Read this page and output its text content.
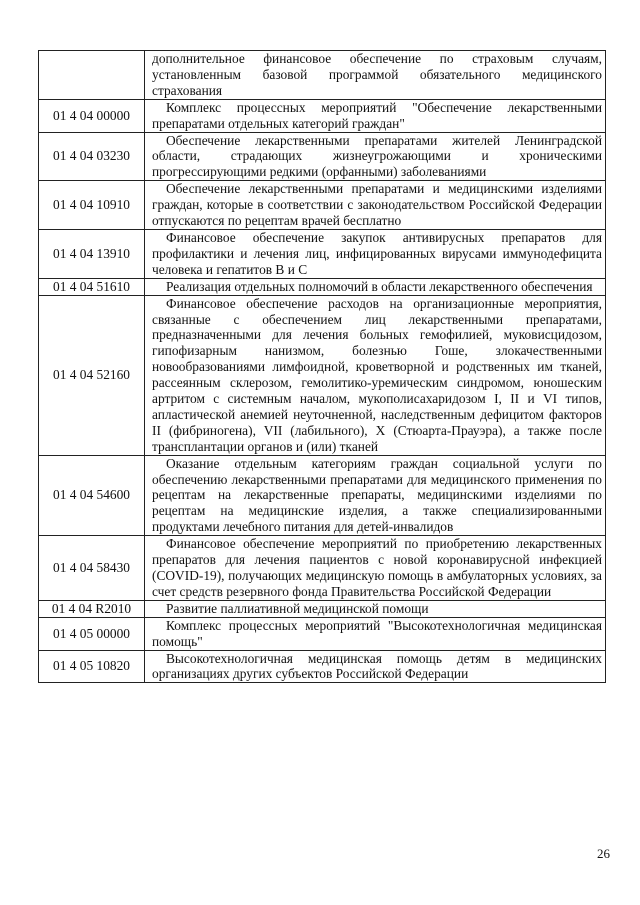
	дополнительное финансовое обеспечение по страховым случаям, установленным базовой программой обязательного медицинского страхования
01 4 04 00000	Комплекс процессных мероприятий "Обеспечение лекарственными препаратами отдельных категорий граждан"
01 4 04 03230	Обеспечение лекарственными препаратами жителей Ленинградской области, страдающих жизнеугрожающими и хроническими прогрессирующими редкими (орфанными) заболеваниями
01 4 04 10910	Обеспечение лекарственными препаратами и медицинскими изделиями граждан, которые в соответствии с законодательством Российской Федерации отпускаются по рецептам врачей бесплатно
01 4 04 13910	Финансовое обеспечение закупок антивирусных препаратов для профилактики и лечения лиц, инфицированных вирусами иммунодефицита человека и гепатитов В и С
01 4 04 51610	Реализация отдельных полномочий в области лекарственного обеспечения
01 4 04 52160	Финансовое обеспечение расходов на организационные мероприятия, связанные с обеспечением лиц лекарственными препаратами, предназначенными для лечения больных гемофилией, муковисцидозом, гипофизарным нанизмом, болезнью Гоше, злокачественными новообразованиями лимфоидной, кроветворной и родственных им тканей, рассеянным склерозом, гемолитико-уремическим синдромом, юношеским артритом с системным началом, мукополисахаридозом I, II и VI типов, апластической анемией неуточненной, наследственным дефицитом факторов II (фибриногена), VII (лабильного), X (Стюарта-Прауэра), а также после трансплантации органов и (или) тканей
01 4 04 54600	Оказание отдельным категориям граждан социальной услуги по обеспечению лекарственными препаратами для медицинского применения по рецептам на лекарственные препараты, медицинскими изделиями по рецептам на медицинские изделия, а также специализированными продуктами лечебного питания для детей-инвалидов
01 4 04 58430	Финансовое обеспечение мероприятий по приобретению лекарственных препаратов для лечения пациентов с новой коронавирусной инфекцией (COVID-19), получающих медицинскую помощь в амбулаторных условиях, за счет средств резервного фонда Правительства Российской Федерации
01 4 04 R2010	Развитие паллиативной медицинской помощи
01 4 05 00000	Комплекс процессных мероприятий "Высокотехнологичная медицинская помощь"
01 4 05 10820	Высокотехнологичная медицинская помощь детям в медицинских организациях других субъектов Российской Федерации
26
